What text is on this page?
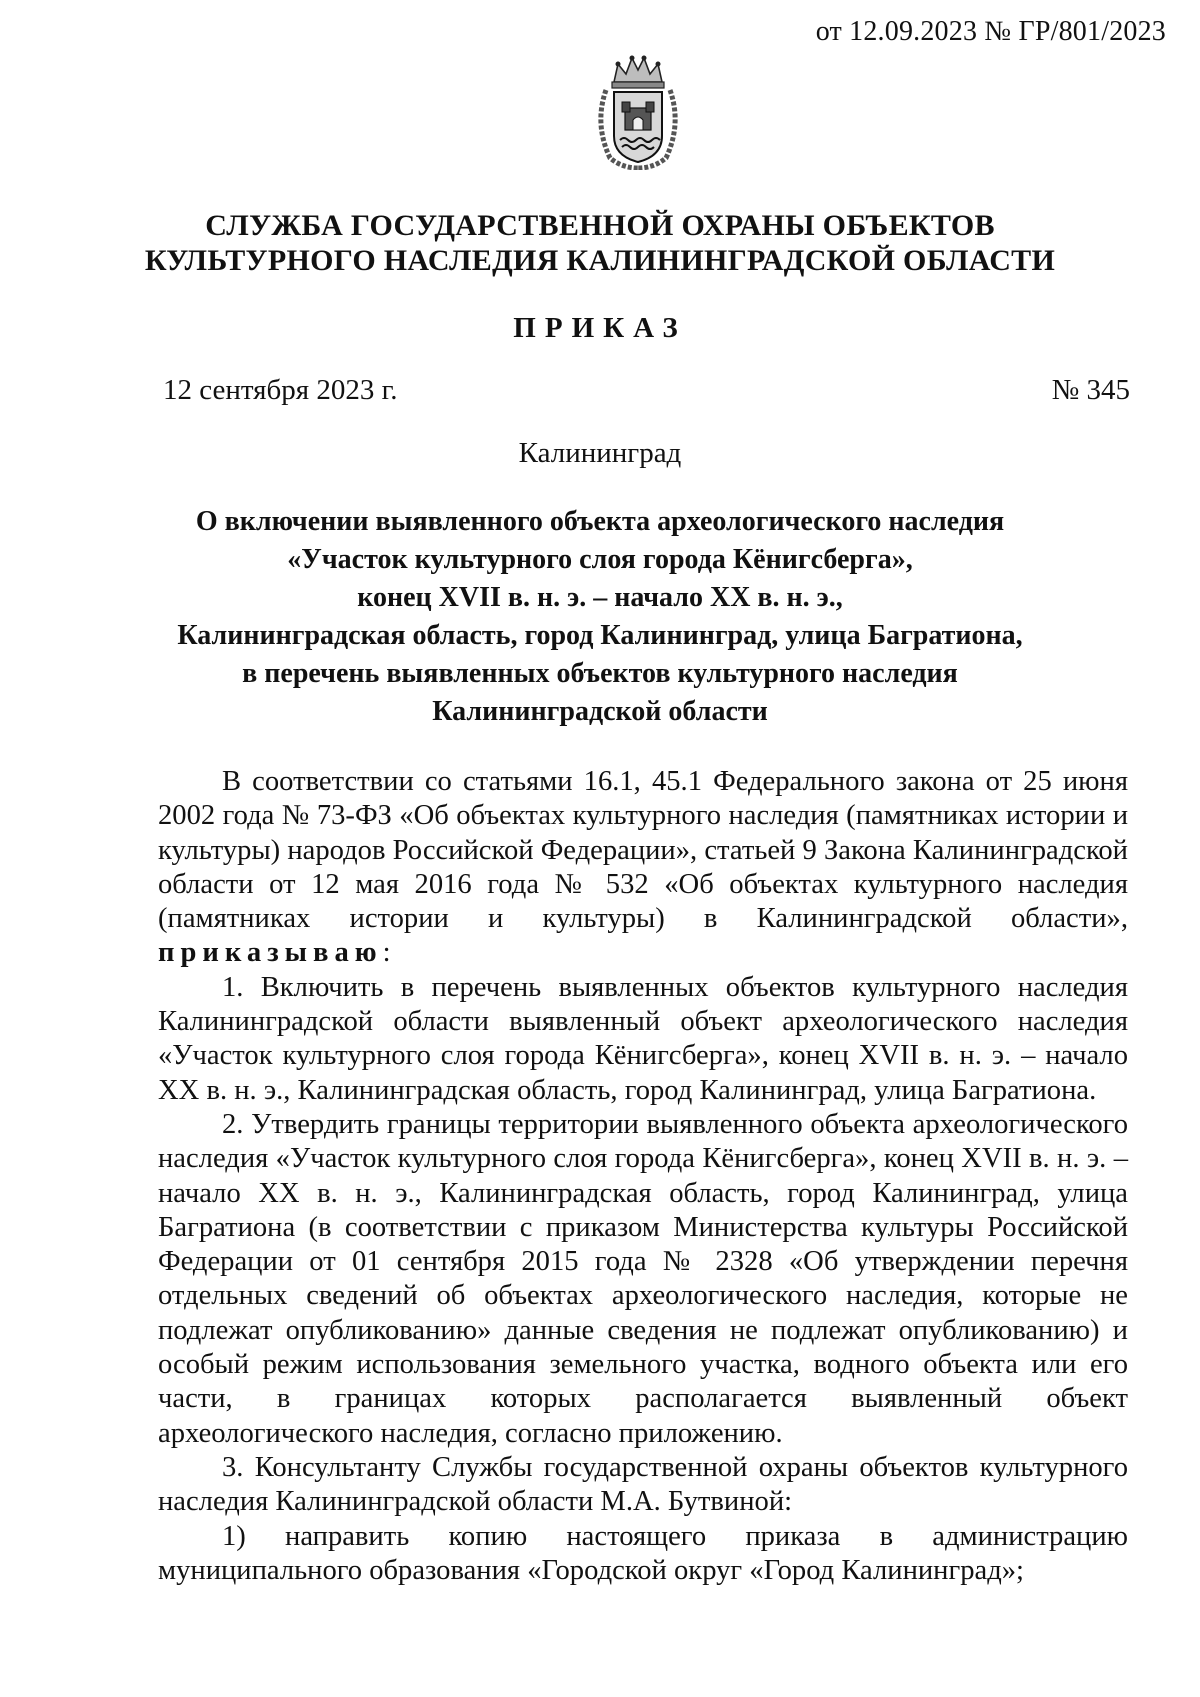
от 12.09.2023 № ГР/801/2023
СЛУЖБА ГОСУДАРСТВЕННОЙ ОХРАНЫ ОБЪЕКТОВ
КУЛЬТУРНОГО НАСЛЕДИЯ КАЛИНИНГРАДСКОЙ ОБЛАСТИ
ПРИКАЗ
12 сентября 2023 г.	№ 345
Калининград
О включении выявленного объекта археологического наследия
«Участок культурного слоя города Кёнигсберга»,
конец XVII в. н. э. – начало XX в. н. э.,
Калининградская область, город Калининград, улица Багратиона,
в перечень выявленных объектов культурного наследия
Калининградской области

В соответствии со статьями 16.1, 45.1 Федерального закона от 25 июня 2002 года № 73-ФЗ «Об объектах культурного наследия (памятниках истории и культуры) народов Российской Федерации», статьей 9 Закона Калининградской области от 12 мая 2016 года № 532 «Об объектах культурного наследия (памятниках истории и культуры) в Калининградской области», приказываю:

1. Включить в перечень выявленных объектов культурного наследия Калининградской области выявленный объект археологического наследия «Участок культурного слоя города Кёнигсберга», конец XVII в. н. э. – начало XX в. н. э., Калининградская область, город Калининград, улица Багратиона.

2. Утвердить границы территории выявленного объекта археологического наследия «Участок культурного слоя города Кёнигсберга», конец XVII в. н. э. – начало XX в. н. э., Калининградская область, город Калининград, улица Багратиона (в соответствии с приказом Министерства культуры Российской Федерации от 01 сентября 2015 года № 2328 «Об утверждении перечня отдельных сведений об объектах археологического наследия, которые не подлежат опубликованию» данные сведения не подлежат опубликованию) и особый режим использования земельного участка, водного объекта или его части, в границах которых располагается выявленный объект археологического наследия, согласно приложению.

3. Консультанту Службы государственной охраны объектов культурного наследия Калининградской области М.А. Бутвиной:

1) направить копию настоящего приказа в администрацию муниципального образования «Городской округ «Город Калининград»;
